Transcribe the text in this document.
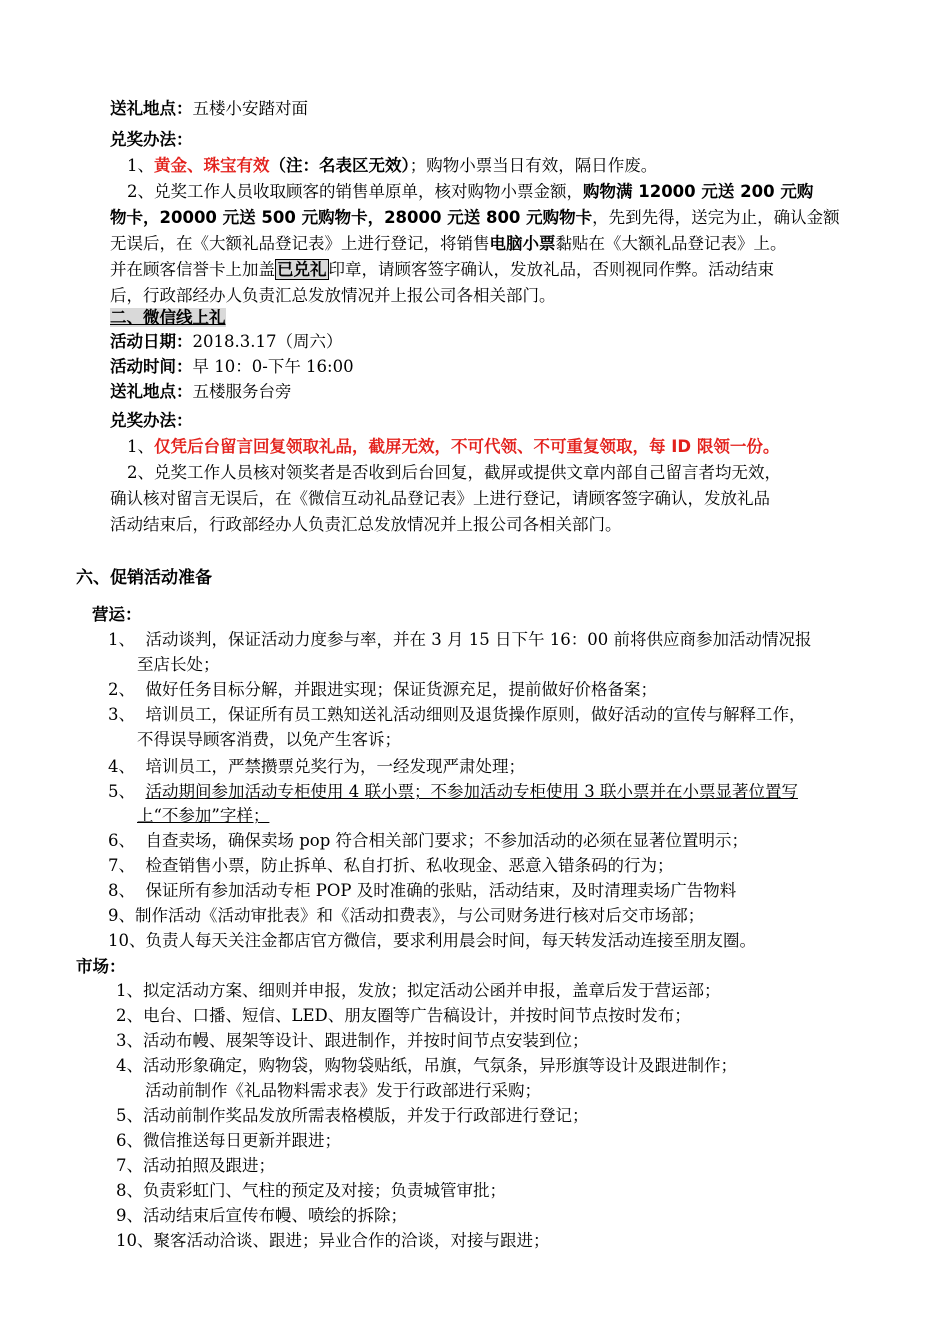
送礼地点：五楼小安踏对面
兑奖办法：
1、黄金、珠宝有效（注：名表区无效）；购物小票当日有效，隔日作废。
2、兑奖工作人员收取顾客的销售单原单，核对购物小票金额，购物满 12000 元送 200 元购
物卡，20000 元送 500 元购物卡，28000 元送 800 元购物卡，先到先得，送完为止，确认金额
无误后，在《大额礼品登记表》上进行登记，将销售电脑小票黏贴在《大额礼品登记表》上。
并在顾客信誉卡上加盖 已兑礼 印章，请顾客签字确认，发放礼品，否则视同作弊。活动结束
后，行政部经办人负责汇总发放情况并上报公司各相关部门。
二、微信线上礼
活动日期：2018.3.17（周六）
活动时间：早 10：0-下午 16:00
送礼地点：五楼服务台旁
兑奖办法：
1、仅凭后台留言回复领取礼品，截屏无效，不可代领、不可重复领取，每 ID 限领一份。
2、兑奖工作人员核对领奖者是否收到后台回复，截屏或提供文章内部自己留言者均无效，
确认核对留言无误后，在《微信互动礼品登记表》上进行登记，请顾客签字确认，发放礼品
活动结束后，行政部经办人负责汇总发放情况并上报公司各相关部门。
六、促销活动准备
营运：
1、 活动谈判，保证活动力度参与率，并在 3 月 15 日下午 16：00 前将供应商参加活动情况报
至店长处；
2、 做好任务目标分解，并跟进实现；保证货源充足，提前做好价格备案；
3、 培训员工，保证所有员工熟知送礼活动细则及退货操作原则，做好活动的宣传与解释工作，
不得误导顾客消费，以免产生客诉；
4、 培训员工，严禁攒票兑奖行为，一经发现严肃处理；
5、 活动期间参加活动专柜使用 4 联小票；不参加活动专柜使用 3 联小票并在小票显著位置写
上“不参加”字样；
6、 自查卖场，确保卖场 pop 符合相关部门要求；不参加活动的必须在显著位置明示；
7、 检查销售小票，防止拆单、私自打折、私收现金、恶意入错条码的行为；
8、 保证所有参加活动专柜 POP 及时准确的张贴，活动结束，及时清理卖场广告物料
9、制作活动《活动审批表》和《活动扣费表》，与公司财务进行核对后交市场部；
10、负责人每天关注金都店官方微信，要求利用晨会时间，每天转发活动连接至朋友圈。
市场：
1、拟定活动方案、细则并申报，发放；拟定活动公函并申报，盖章后发于营运部；
2、电台、口播、短信、LED、朋友圈等广告稿设计，并按时间节点按时发布；
3、活动布幔、展架等设计、跟进制作，并按时间节点安装到位；
4、活动形象确定，购物袋，购物袋贴纸，吊旗，气氛条，异形旗等设计及跟进制作；
活动前制作《礼品物料需求表》发于行政部进行采购；
5、活动前制作奖品发放所需表格模版，并发于行政部进行登记；
6、微信推送每日更新并跟进；
7、活动拍照及跟进；
8、负责彩虹门、气柱的预定及对接；负责城管审批；
9、活动结束后宣传布幔、喷绘的拆除；
10、聚客活动洽谈、跟进；异业合作的洽谈，对接与跟进；
